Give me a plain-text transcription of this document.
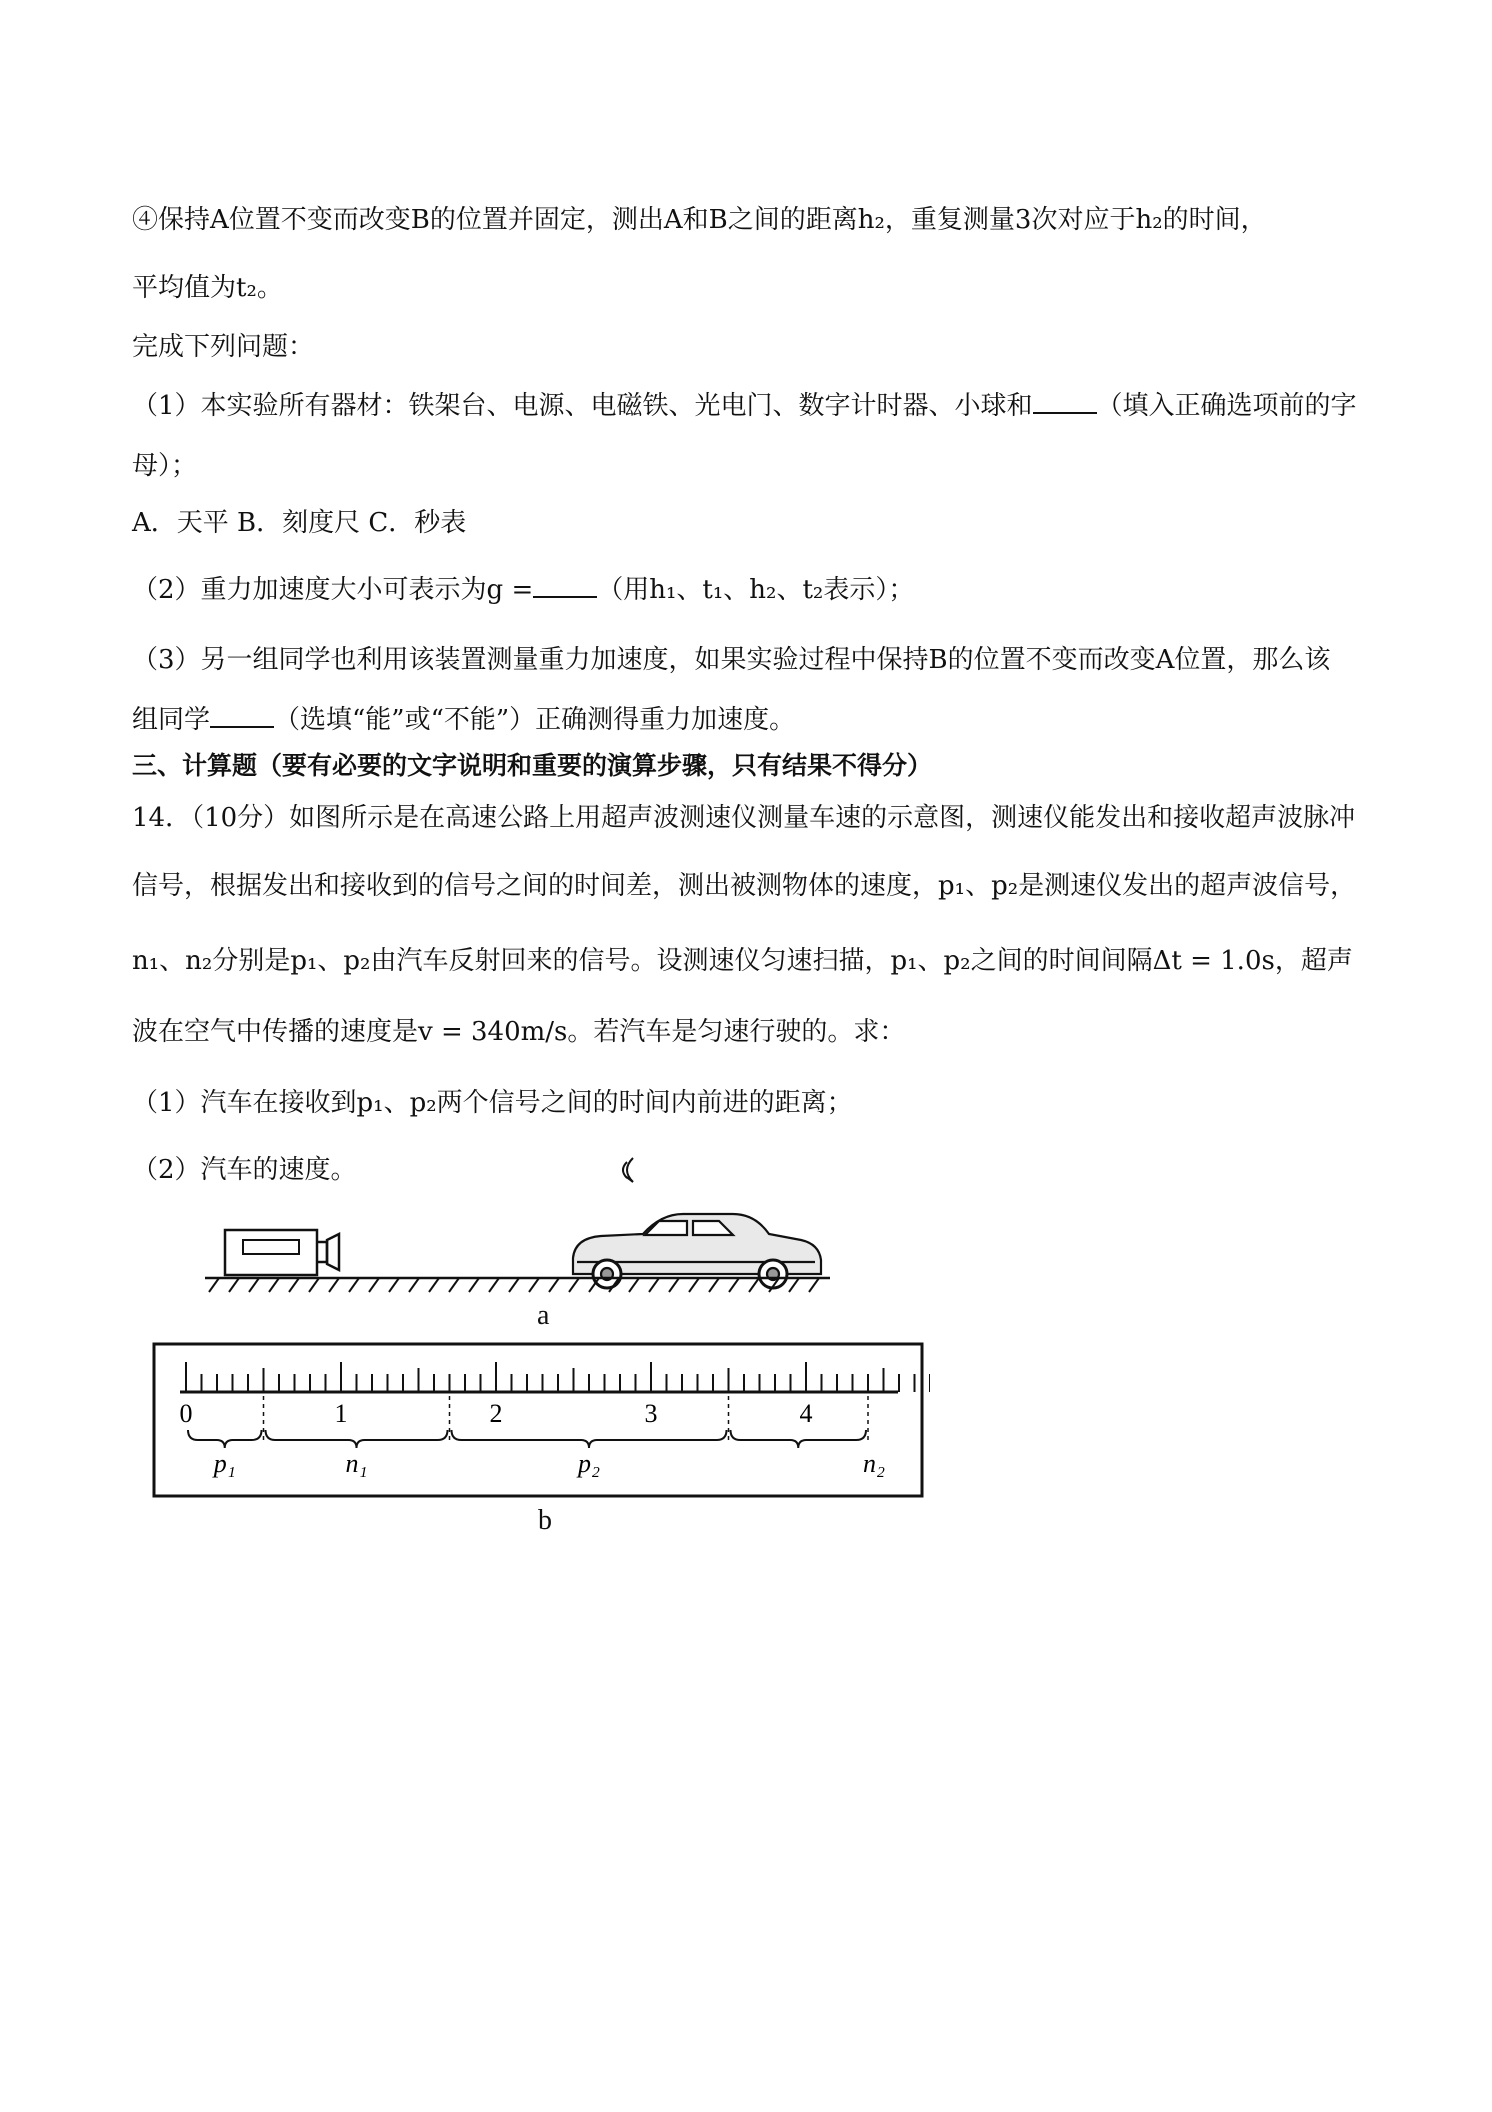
④保持A位置不变而改变B的位置并固定，测出A和B之间的距离h₂，重复测量3次对应于h₂的时间，
平均值为t₂。
完成下列问题：
（1）本实验所有器材：铁架台、电源、电磁铁、光电门、数字计时器、小球和 （填入正确选项前的字
母）；
A．天平 B．刻度尺 C．秒表
（2）重力加速度大小可表示为g = （用h₁、t₁、h₂、t₂表示）；
（3）另一组同学也利用该装置测量重力加速度，如果实验过程中保持B的位置不变而改变A位置，那么该
组同学 （选填“能”或“不能”）正确测得重力加速度。
三、计算题（要有必要的文字说明和重要的演算步骤，只有结果不得分）
14．（10分）如图所示是在高速公路上用超声波测速仪测量车速的示意图，测速仪能发出和接收超声波脉冲
信号，根据发出和接收到的信号之间的时间差，测出被测物体的速度，p₁、p₂是测速仪发出的超声波信号，
n₁、n₂分别是p₁、p₂由汽车反射回来的信号。设测速仪匀速扫描，p₁、p₂之间的时间间隔Δt = 1.0s，超声
波在空气中传播的速度是v = 340m/s。若汽车是匀速行驶的。求：
（1）汽车在接收到p₁、p₂两个信号之间的时间内前进的距离；
（2）汽车的速度。
a
0	1	2	3	4
p₁	n₁	p₂	n₂
b
